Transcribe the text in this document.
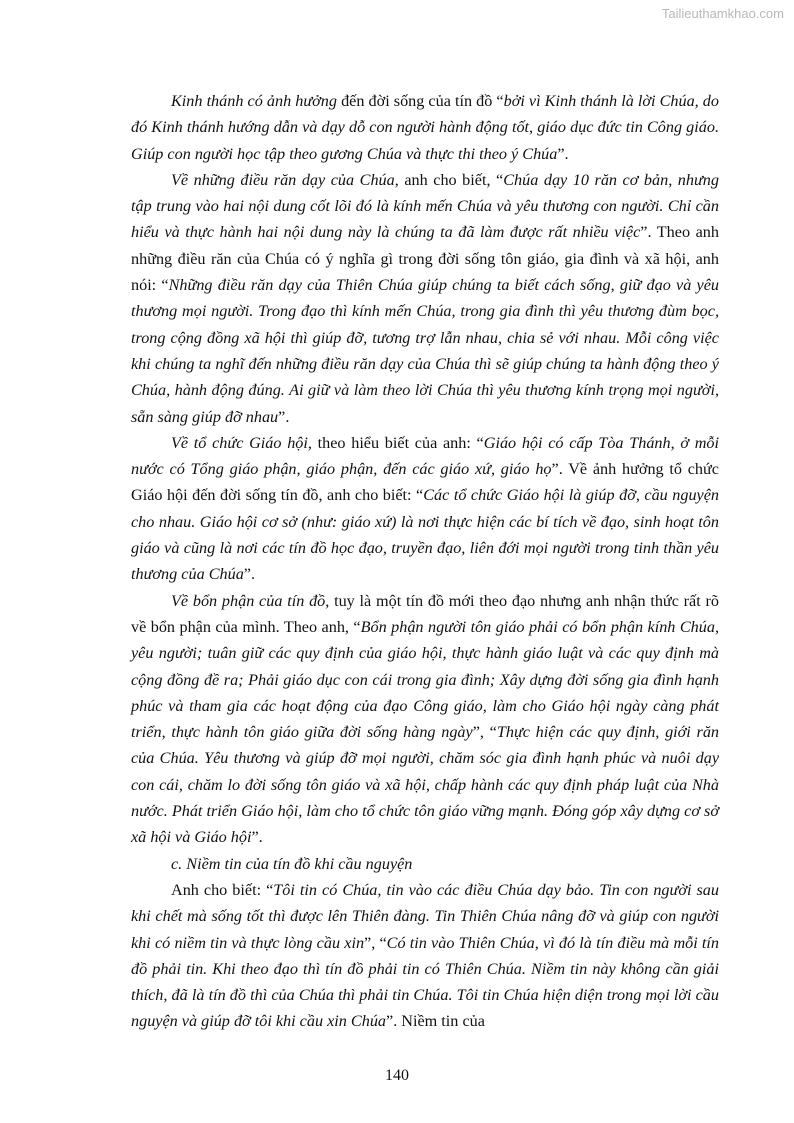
Tailieuthamkhao.com

Kinh thánh có ảnh hưởng đến đời sống của tín đồ “bởi vì Kinh thánh là lời Chúa, do đó Kinh thánh hướng dẫn và dạy dỗ con người hành động tốt, giáo dục đức tin Công giáo. Giúp con người học tập theo gương Chúa và thực thi theo ý Chúa”.

Về những điều răn dạy của Chúa, anh cho biết, “Chúa dạy 10 răn cơ bản, nhưng tập trung vào hai nội dung cốt lõi đó là kính mến Chúa và yêu thương con người. Chỉ cần hiểu và thực hành hai nội dung này là chúng ta đã làm được rất nhiều việc”. Theo anh những điều răn của Chúa có ý nghĩa gì trong đời sống tôn giáo, gia đình và xã hội, anh nói: “Những điều răn dạy của Thiên Chúa giúp chúng ta biết cách sống, giữ đạo và yêu thương mọi người. Trong đạo thì kính mến Chúa, trong gia đình thì yêu thương đùm bọc, trong cộng đồng xã hội thì giúp đỡ, tương trợ lẫn nhau, chia sẻ với nhau. Mỗi công việc khi chúng ta nghĩ đến những điều răn dạy của Chúa thì sẽ giúp chúng ta hành động theo ý Chúa, hành động đúng. Ai giữ và làm theo lời Chúa thì yêu thương kính trọng mọi người, sẵn sàng giúp đỡ nhau”.

Về tổ chức Giáo hội, theo hiểu biết của anh: “Giáo hội có cấp Tòa Thánh, ở mỗi nước có Tổng giáo phận, giáo phận, đến các giáo xứ, giáo họ”. Về ảnh hưởng tổ chức Giáo hội đến đời sống tín đồ, anh cho biết: “Các tổ chức Giáo hội là giúp đỡ, cầu nguyện cho nhau. Giáo hội cơ sở (như: giáo xứ) là nơi thực hiện các bí tích về đạo, sinh hoạt tôn giáo và cũng là nơi các tín đồ học đạo, truyền đạo, liên đới mọi người trong tinh thần yêu thương của Chúa”.

Về bổn phận của tín đồ, tuy là một tín đồ mới theo đạo nhưng anh nhận thức rất rõ về bổn phận của mình. Theo anh, “Bổn phận người tôn giáo phải có bổn phận kính Chúa, yêu người; tuân giữ các quy định của giáo hội, thực hành giáo luật và các quy định mà cộng đồng đề ra; Phải giáo dục con cái trong gia đình; Xây dựng đời sống gia đình hạnh phúc và tham gia các hoạt động của đạo Công giáo, làm cho Giáo hội ngày càng phát triển, thực hành tôn giáo giữa đời sống hàng ngày”, “Thực hiện các quy định, giới răn của Chúa. Yêu thương và giúp đỡ mọi người, chăm sóc gia đình hạnh phúc và nuôi dạy con cái, chăm lo đời sống tôn giáo và xã hội, chấp hành các quy định pháp luật của Nhà nước. Phát triển Giáo hội, làm cho tổ chức tôn giáo vững mạnh. Đóng góp xây dựng cơ sở xã hội và Giáo hội”.

c. Niềm tin của tín đồ khi cầu nguyện

Anh cho biết: “Tôi tin có Chúa, tin vào các điều Chúa dạy bảo. Tin con người sau khi chết mà sống tốt thì được lên Thiên đàng. Tin Thiên Chúa nâng đỡ và giúp con người khi có niềm tin và thực lòng cầu xin”, “Có tin vào Thiên Chúa, vì đó là tín điều mà mỗi tín đồ phải tin. Khi theo đạo thì tín đồ phải tin có Thiên Chúa. Niềm tin này không cần giải thích, đã là tín đồ thì của Chúa thì phải tin Chúa. Tôi tin Chúa hiện diện trong mọi lời cầu nguyện và giúp đỡ tôi khi cầu xin Chúa”. Niềm tin của

140
